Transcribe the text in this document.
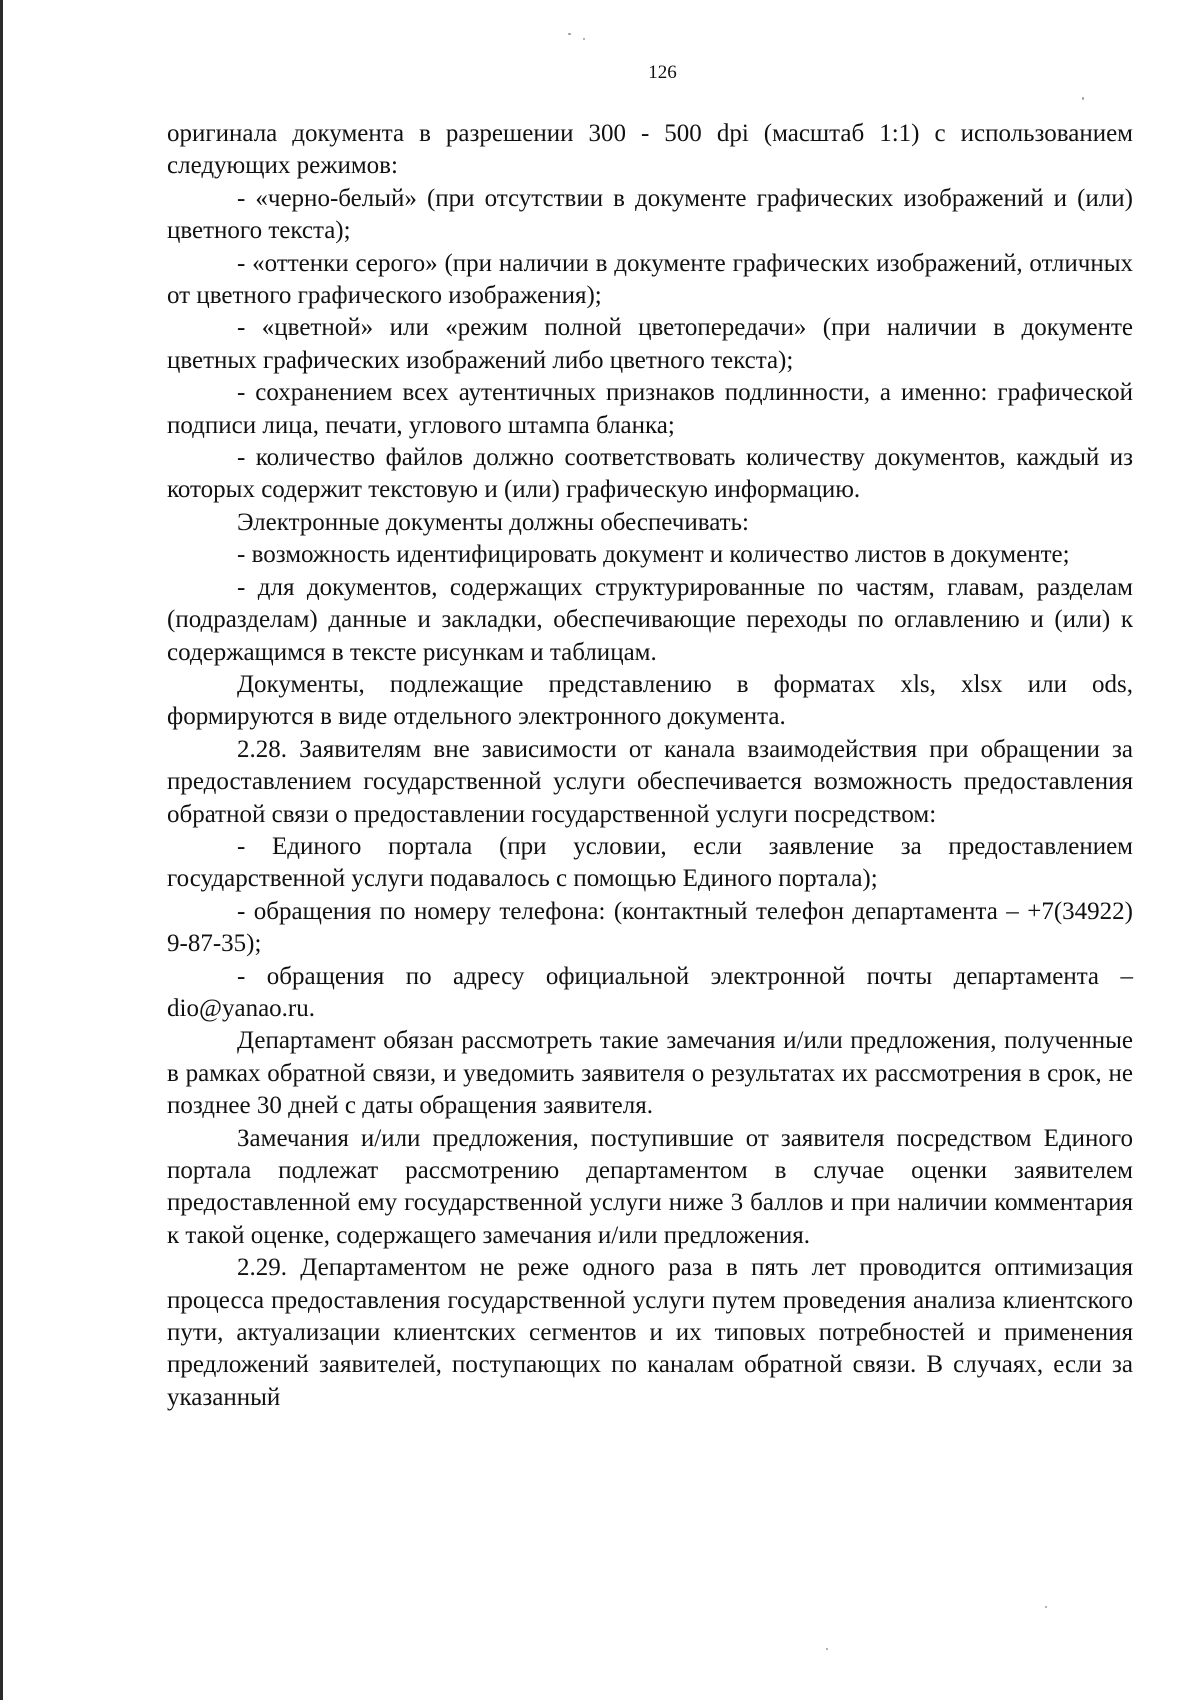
126

оригинала документа в разрешении 300 - 500 dpi (масштаб 1:1) с использованием следующих режимов:

- «черно-белый» (при отсутствии в документе графических изображений и (или) цветного текста);

- «оттенки серого» (при наличии в документе графических изображений, отличных от цветного графического изображения);

- «цветной» или «режим полной цветопередачи» (при наличии в документе цветных графических изображений либо цветного текста);

- сохранением всех аутентичных признаков подлинности, а именно: графической подписи лица, печати, углового штампа бланка;

- количество файлов должно соответствовать количеству документов, каждый из которых содержит текстовую и (или) графическую информацию.

Электронные документы должны обеспечивать:

- возможность идентифицировать документ и количество листов в документе;

- для документов, содержащих структурированные по частям, главам, разделам (подразделам) данные и закладки, обеспечивающие переходы по оглавлению и (или) к содержащимся в тексте рисункам и таблицам.

Документы, подлежащие представлению в форматах xls, xlsx или ods, формируются в виде отдельного электронного документа.

2.28. Заявителям вне зависимости от канала взаимодействия при обращении за предоставлением государственной услуги обеспечивается возможность предоставления обратной связи о предоставлении государственной услуги посредством:

- Единого портала (при условии, если заявление за предоставлением государственной услуги подавалось с помощью Единого портала);

- обращения по номеру телефона: (контактный телефон департамента – +7(34922) 9-87-35);

- обращения по адресу официальной электронной почты департамента – dio@yanao.ru.

Департамент обязан рассмотреть такие замечания и/или предложения, полученные в рамках обратной связи, и уведомить заявителя о результатах их рассмотрения в срок, не позднее 30 дней с даты обращения заявителя.

Замечания и/или предложения, поступившие от заявителя посредством Единого портала подлежат рассмотрению департаментом в случае оценки заявителем предоставленной ему государственной услуги ниже 3 баллов и при наличии комментария к такой оценке, содержащего замечания и/или предложения.

2.29. Департаментом не реже одного раза в пять лет проводится оптимизация процесса предоставления государственной услуги путем проведения анализа клиентского пути, актуализации клиентских сегментов и их типовых потребностей и применения предложений заявителей, поступающих по каналам обратной связи. В случаях, если за указанный
